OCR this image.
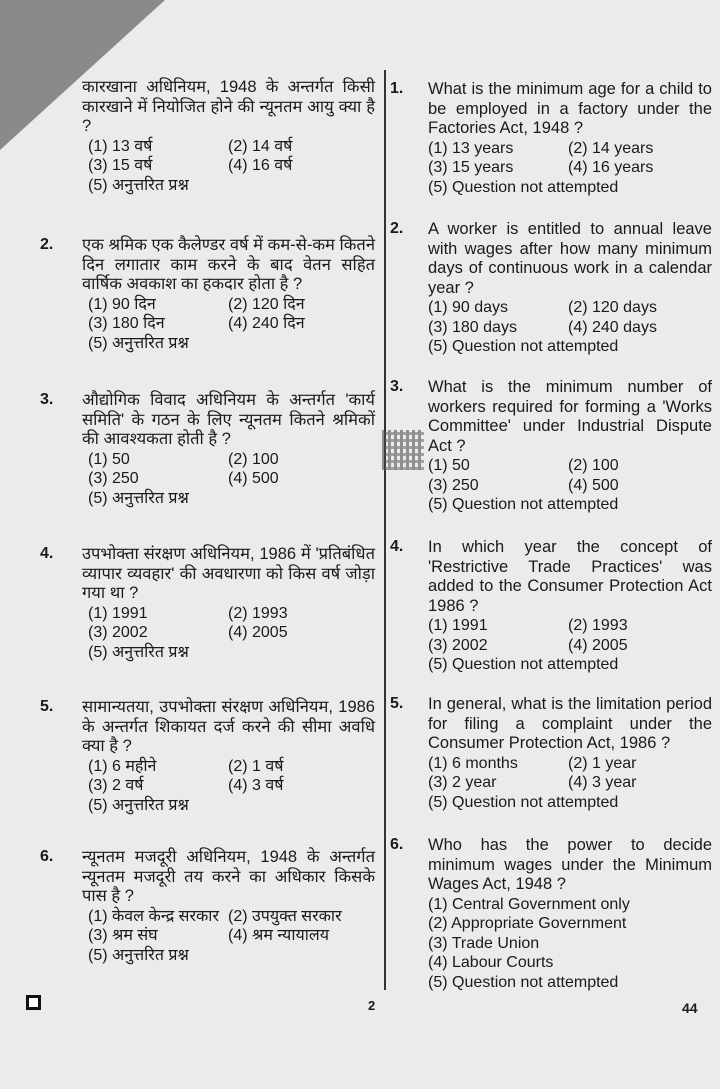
कारखाना अधिनियम, 1948 के अन्तर्गत किसी कारखाने में नियोजित होने की न्यूनतम आयु क्या है ?
(1) 13 वर्ष	(2) 14 वर्ष
(3) 15 वर्ष	(4) 16 वर्ष
(5) अनुत्तरित प्रश्न
2. एक श्रमिक एक कैलेण्डर वर्ष में कम-से-कम कितने दिन लगातार काम करने के बाद वेतन सहित वार्षिक अवकाश का हकदार होता है ?
(1) 90 दिन	(2) 120 दिन
(3) 180 दिन	(4) 240 दिन
(5) अनुत्तरित प्रश्न
3. औद्योगिक विवाद अधिनियम के अन्तर्गत 'कार्य समिति' के गठन के लिए न्यूनतम कितने श्रमिकों की आवश्यकता होती है ?
(1) 50	(2) 100
(3) 250	(4) 500
(5) अनुत्तरित प्रश्न
4. उपभोक्ता संरक्षण अधिनियम, 1986 में 'प्रतिबंधित व्यापार व्यवहार' की अवधारणा को किस वर्ष जोड़ा गया था ?
(1) 1991	(2) 1993
(3) 2002	(4) 2005
(5) अनुत्तरित प्रश्न
5. सामान्यतया, उपभोक्ता संरक्षण अधिनियम, 1986 के अन्तर्गत शिकायत दर्ज करने की सीमा अवधि क्या है ?
(1) 6 महीने	(2) 1 वर्ष
(3) 2 वर्ष	(4) 3 वर्ष
(5) अनुत्तरित प्रश्न
6. न्यूनतम मजदूरी अधिनियम, 1948 के अन्तर्गत न्यूनतम मजदूरी तय करने का अधिकार किसके पास है ?
(1) केवल केन्द्र सरकार (2) उपयुक्त सरकार
(3) श्रम संघ	(4) श्रम न्यायालय
(5) अनुत्तरित प्रश्न
1. What is the minimum age for a child to be employed in a factory under the Factories Act, 1948 ?
(1) 13 years	(2) 14 years
(3) 15 years	(4) 16 years
(5) Question not attempted
2. A worker is entitled to annual leave with wages after how many minimum days of continuous work in a calendar year ?
(1) 90 days	(2) 120 days
(3) 180 days	(4) 240 days
(5) Question not attempted
3. What is the minimum number of workers required for forming a 'Works Committee' under Industrial Dispute Act ?
(1) 50	(2) 100
(3) 250	(4) 500
(5) Question not attempted
4. In which year the concept of 'Restrictive Trade Practices' was added to the Consumer Protection Act 1986 ?
(1) 1991	(2) 1993
(3) 2002	(4) 2005
(5) Question not attempted
5. In general, what is the limitation period for filing a complaint under the Consumer Protection Act, 1986 ?
(1) 6 months	(2) 1 year
(3) 2 year	(4) 3 year
(5) Question not attempted
6. Who has the power to decide minimum wages under the Minimum Wages Act, 1948 ?
(1) Central Government only
(2) Appropriate Government
(3) Trade Union
(4) Labour Courts
(5) Question not attempted
2	44
